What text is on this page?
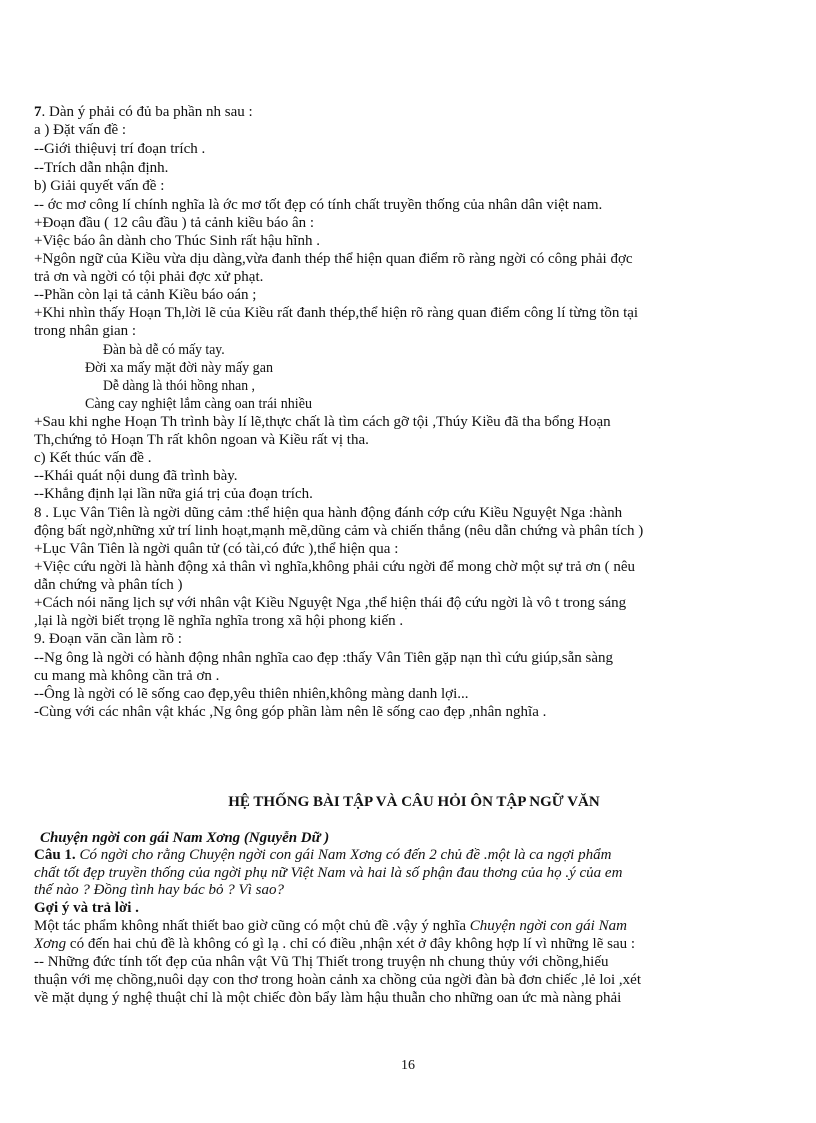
7. Dàn ý phải có đủ ba phần nh sau :
a ) Đặt vấn đề :
--Giới thiệuvị trí đoạn trích .
--Trích dẫn nhận định.
b) Giải quyết vấn đề :
-- ớc mơ công lí chính nghĩa là ớc mơ tốt đẹp có tính chất truyền thống của nhân dân việt nam.
+Đoạn đầu ( 12 câu đầu ) tả cảnh kiều báo ân :
+Việc báo ân dành cho Thúc Sinh rất hậu hĩnh .
+Ngôn ngữ của Kiều vừa dịu dàng,vừa đanh thép thể hiện quan điểm rõ ràng ngời có công phải đợc
trả ơn và ngời có tội phải đợc xử phạt.
--Phần còn lại tả cảnh Kiều báo oán ;
+Khi nhìn thấy Hoạn Th,lời lẽ của Kiều rất đanh thép,thể hiện rõ ràng quan điểm công lí từng tồn tại
trong nhân gian :
Đàn bà dễ có mấy tay.
Đời xa mấy mặt đời này mấy gan
Dễ dàng là thói hồng nhan ,
Càng cay nghiệt lắm càng oan trái nhiều
+Sau khi nghe Hoạn Th trình bày lí lẽ,thực chất là tìm cách gỡ tội ,Thúy Kiều đã tha bổng Hoạn
Th,chứng tỏ Hoạn Th rất khôn ngoan và Kiều rất vị tha.
c) Kết thúc vấn đề .
--Khái quát nội dung đã trình bày.
--Khẳng định lại lần nữa giá trị của đoạn trích.
8 . Lục Vân Tiên là ngời dũng cảm :thể hiện qua hành động đánh cớp cứu Kiều Nguyệt Nga :hành
động bất ngờ,những xử trí linh hoạt,mạnh mẽ,dũng cảm và chiến thắng (nêu dẫn chứng và phân tích )
+Lục Vân Tiên là ngời quân tử (có tài,có đức ),thể hiện qua :
+Việc cứu ngời là hành động xả thân vì nghĩa,không phải cứu ngời để mong chờ một sự trả ơn ( nêu
dẫn chứng và phân tích )
+Cách nói năng lịch sự với nhân vật Kiều Nguyệt Nga ,thể hiện thái độ cứu ngời là vô t trong sáng
,lại là ngời biết trọng lẽ nghĩa nghĩa trong xã hội phong kiến .
9. Đoạn văn cần làm rõ :
--Ng ông là ngời có hành động nhân nghĩa cao đẹp :thấy Vân Tiên gặp nạn thì cứu giúp,sẵn sàng
cu mang mà không cần trả ơn .
--Ông là ngời có lẽ sống cao đẹp,yêu thiên nhiên,không màng danh lợi...
-Cùng với các nhân vật khác ,Ng ông góp phần làm nên lẽ sống cao đẹp ,nhân nghĩa .
HỆ THỐNG BÀI TẬP VÀ CÂU HỎI ÔN TẬP NGỮ VĂN
Chuyện ngời con gái Nam Xơng (Nguyễn Dữ )
Câu 1. Có ngời cho rằng Chuyện ngời con gái Nam Xơng có đến 2 chủ đề .một là ca ngợi phẩm
chất tốt đẹp truyền thống của ngời phụ nữ Việt Nam và hai là số phận đau thơng của họ .ý của em
thế nào ? Đồng tình hay bác bỏ ? Vì sao?
Gợi ý và trả lời .
Một tác phẩm không nhất thiết bao giờ cũng có một chủ đề .vậy ý nghĩa Chuyện ngời con gái Nam
Xơng có đến hai chủ đề là không có gì lạ . chỉ có điều ,nhận xét ở đây không hợp lí vì những lẽ sau :
-- Những đức tính tốt đẹp của nhân vật Vũ Thị Thiết trong truyện nh chung thủy với chồng,hiếu
thuận với mẹ chồng,nuôi dạy con thơ trong hoàn cảnh xa chồng của ngời đàn bà đơn chiếc ,lẻ loi ,xét
về mặt dụng ý nghệ thuật chỉ là một chiếc đòn bẩy làm hậu thuẫn cho những oan ức mà nàng phải
16
